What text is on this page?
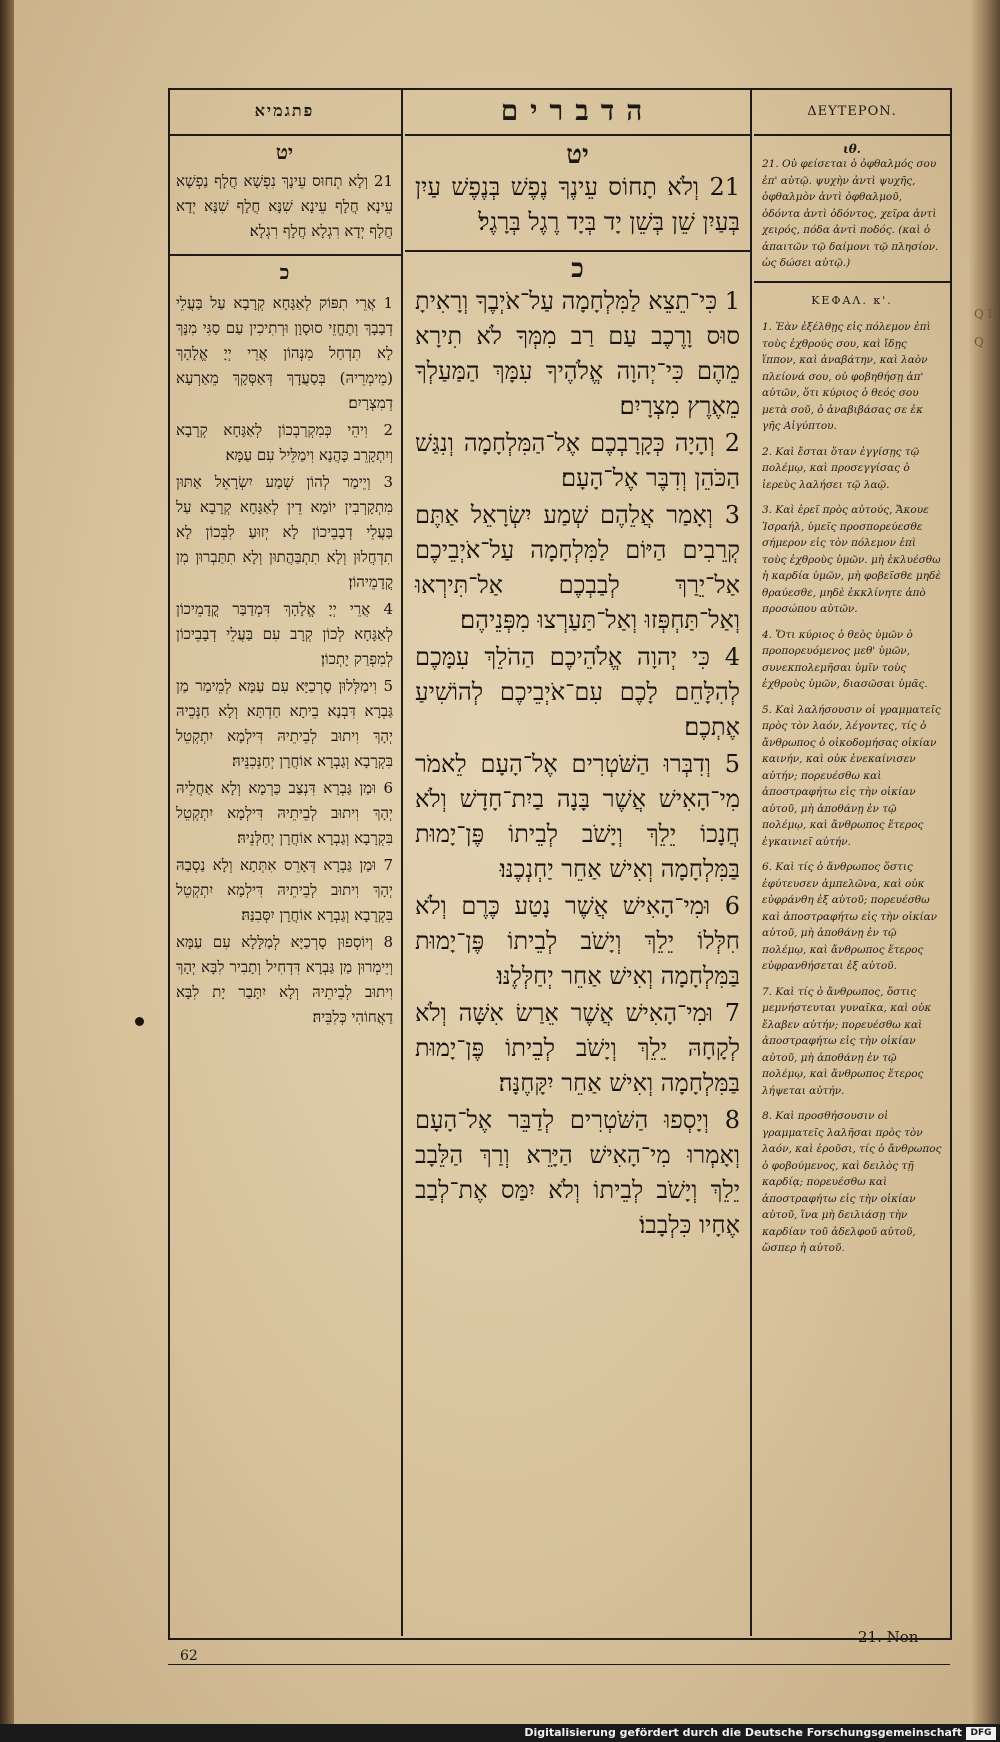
Q D Q
פתגמיא
יט

21 וְלָא תְחוּס עֵינָךְ נִפְשָׁא חֲלָף נַפְשָׁא עֵינָא חֲלָף עֵינָא שִׁנָּא חֲלָף שִׁנָּא יְדָא חֲלָף יְדָא רִגְלָא חֲלָף רִגְלָא׃

כ

1 אֲרֵי תִפּוֹק לְאַגָּחָא קְרָבָא עַל בַּעֲלֵי דְבָבָךְ וְתֶחֱזֵי סוּסָוָן וּרְתִיכִין עַם סַגִּי מִנָּךְ לָא תִדְחַל מִנְּהוֹן אֲרֵי יְיָ אֱלָהָךְ (מֵימְרֵיהּ) בְּסַעֲדָךְ דְּאַסְּקָךְ מֵאַרְעָא דְמִצְרָיִם׃

2 וִיהֵי כְּמִקְרַבְכוֹן לְאַגָּחָא קְרָבָא וְיִתְקָרֵב כָּהֲנָא וִימַלֵּיל עִם עַמָּא׃

3 וְיֵימַר לְהוֹן שְׁמַע יִשְׂרָאֵל אַתּוּן מִתְקָרְבִין יוֹמָא דֵין לְאַגָּחָא קְרָבָא עַל בַּעֲלֵי דְבָבֵיכוֹן לָא יְזוּעַ לִבְּכוֹן לָא תִדְחֲלוּן וְלָא תִתְבַּהֲתוּן וְלָא תִתַּבְרוּן מִן קֳדָמֵיהוֹן׃

4 אֲרֵי יְיָ אֱלָהָךְ דִּמְדַבַּר קֳדָמֵיכוֹן לְאַגָּחָא לְכוֹן קְרָב עִם בַּעֲלֵי דְבָבֵיכוֹן לְמִפְרַק יָתְכוֹן׃

5 וִימַלְּלוּן סָרְכַיָּא עִם עַמָּא לְמֵימַר מַן גַּבְרָא דִּבְנָא בֵיתָא חַדְתָּא וְלָא חַנְּכֵיהּ יְהָךְ וִיתוּב לְבֵיתֵיהּ דִּילְמָא יִתְקְטֵל בִּקְרָבָא וְגַבְרָא אוֹחֲרָן יְחַנְּכִנֵּיהּ׃

6 וּמַן גַּבְרָא דִּנְצַב כַּרְמָא וְלָא אַחֲלֵיהּ יְהָךְ וִיתוּב לְבֵיתֵיהּ דִּילְמָא יִתְקְטֵל בִּקְרָבָא וְגַבְרָא אוֹחֲרָן יְחַלְּנֵיהּ׃

7 וּמַן גַּבְרָא דְּאָרֵס אִתְּתָא וְלָא נַסְבַהּ יְהָךְ וִיתוּב לְבֵיתֵיהּ דִּילְמָא יִתְקְטֵל בִּקְרָבָא וְגַבְרָא אוֹחֲרָן יִסְּבִנַּהּ׃

8 וְיוֹסְפוּן סָרְכַיָּא לְמַלָּלָא עִם עַמָּא וְיֵימְרוּן מַן גַּבְרָא דִּדְחִיל וְתָבִיר לִבָּא יְהָךְ וִיתוּב לְבֵיתֵיהּ וְלָא יִתָּבַר יָת לִבָּא דַאֲחוֹהִי כְּלִבֵּיהּ׃

הדברים
יט

21 וְלֹא תָחוֹס עֵינֶךָ נֶפֶשׁ בְּנֶפֶשׁ עַיִן בְּעַיִן שֵׁן בְּשֵׁן יָד בְּיָד רֶגֶל בְּרָגֶל׃

כ

1 כִּי־תֵצֵא לַמִּלְחָמָה עַל־אֹיְבֶךָ וְרָאִיתָ סוּס וָרֶכֶב עַם רַב מִמְּךָ לֹא תִירָא מֵהֶם כִּי־יְהוָה אֱלֹהֶיךָ עִמָּךְ הַמַּעַלְךָ מֵאֶרֶץ מִצְרָיִם׃

2 וְהָיָה כְּקָרָבְכֶם אֶל־הַמִּלְחָמָה וְנִגַּשׁ הַכֹּהֵן וְדִבֶּר אֶל־הָעָם׃

3 וְאָמַר אֲלֵהֶם שְׁמַע יִשְׂרָאֵל אַתֶּם קְרֵבִים הַיּוֹם לַמִּלְחָמָה עַל־אֹיְבֵיכֶם אַל־יֵרַךְ לְבַבְכֶם אַל־תִּירְאוּ וְאַל־תַּחְפְּזוּ וְאַל־תַּעַרְצוּ מִפְּנֵיהֶם׃

4 כִּי יְהוָה אֱלֹהֵיכֶם הַהֹלֵךְ עִמָּכֶם לְהִלָּחֵם לָכֶם עִם־אֹיְבֵיכֶם לְהוֹשִׁיעַ אֶתְכֶם׃

5 וְדִבְּרוּ הַשֹּׁטְרִים אֶל־הָעָם לֵאמֹר מִי־הָאִישׁ אֲשֶׁר בָּנָה בַיִת־חָדָשׁ וְלֹא חֲנָכוֹ יֵלֵךְ וְיָשֹׁב לְבֵיתוֹ פֶּן־יָמוּת בַּמִּלְחָמָה וְאִישׁ אַחֵר יַחְנְכֶנּוּ׃

6 וּמִי־הָאִישׁ אֲשֶׁר נָטַע כֶּרֶם וְלֹא חִלְּלוֹ יֵלֵךְ וְיָשֹׁב לְבֵיתוֹ פֶּן־יָמוּת בַּמִּלְחָמָה וְאִישׁ אַחֵר יְחַלְּלֶנּוּ׃

7 וּמִי־הָאִישׁ אֲשֶׁר אֵרַשׂ אִשָּׁה וְלֹא לְקָחָהּ יֵלֵךְ וְיָשֹׁב לְבֵיתוֹ פֶּן־יָמוּת בַּמִּלְחָמָה וְאִישׁ אַחֵר יִקָּחֶנָּה׃

8 וְיָסְפוּ הַשֹּׁטְרִים לְדַבֵּר אֶל־הָעָם וְאָמְרוּ מִי־הָאִישׁ הַיָּרֵא וְרַךְ הַלֵּבָב יֵלֵךְ וְיָשֹׁב לְבֵיתוֹ וְלֹא יִמַּס אֶת־לְבַב אֶחָיו כִּלְבָבוֹ׃

ΔΕΥΤΕΡΟΝ.
ιθ.

21. Οὐ φείσεται ὁ ὀφθαλμός σου ἐπ' αὐτῷ. ψυχὴν ἀντὶ ψυχῆς, ὀφθαλμὸν ἀντὶ ὀφθαλμοῦ, ὀδόντα ἀντὶ ὀδόντος, χεῖρα ἀντὶ χειρός, πόδα ἀντὶ ποδός. (καὶ ὁ ἀπαιτῶν τῷ δαίμονι τῷ πλησίον. ὡς δώσει αὐτῷ.)

ΚΕΦΑΛ. κ'.

1. Ἐὰν ἐξέλθῃς εἰς πόλεμον ἐπὶ τοὺς ἐχθρούς σου, καὶ ἴδῃς ἵππον, καὶ ἀναβάτην, καὶ λαὸν πλείονά σου, οὐ φοβηθήσῃ ἀπ' αὐτῶν, ὅτι κύριος ὁ θεός σου μετὰ σοῦ, ὁ ἀναβιβάσας σε ἐκ γῆς Αἰγύπτου.

2. Καὶ ἔσται ὅταν ἐγγίσῃς τῷ πολέμῳ, καὶ προσεγγίσας ὁ ἱερεὺς λαλήσει τῷ λαῷ.

3. Καὶ ἐρεῖ πρὸς αὐτούς, Ἄκουε Ἰσραήλ, ὑμεῖς προσπορεύεσθε σήμερον εἰς τὸν πόλεμον ἐπὶ τοὺς ἐχθροὺς ὑμῶν. μὴ ἐκλυέσθω ἡ καρδία ὑμῶν, μὴ φοβεῖσθε μηδὲ θραύεσθε, μηδὲ ἐκκλίνητε ἀπὸ προσώπου αὐτῶν.

4. Ὅτι κύριος ὁ θεὸς ὑμῶν ὁ προπορευόμενος μεθ' ὑμῶν, συνεκπολεμῆσαι ὑμῖν τοὺς ἐχθροὺς ὑμῶν, διασῶσαι ὑμᾶς.

5. Καὶ λαλήσουσιν οἱ γραμματεῖς πρὸς τὸν λαόν, λέγοντες, τίς ὁ ἄνθρωπος ὁ οἰκοδομήσας οἰκίαν καινήν, καὶ οὐκ ἐνεκαίνισεν αὐτήν; πορευέσθω καὶ ἀποστραφήτω εἰς τὴν οἰκίαν αὐτοῦ, μὴ ἀποθάνῃ ἐν τῷ πολέμῳ, καὶ ἄνθρωπος ἕτερος ἐγκαινιεῖ αὐτήν.

6. Καὶ τίς ὁ ἄνθρωπος ὅστις ἐφύτευσεν ἀμπελῶνα, καὶ οὐκ εὐφράνθη ἐξ αὐτοῦ; πορευέσθω καὶ ἀποστραφήτω εἰς τὴν οἰκίαν αὐτοῦ, μὴ ἀποθάνῃ ἐν τῷ πολέμῳ, καὶ ἄνθρωπος ἕτερος εὐφρανθήσεται ἐξ αὐτοῦ.

7. Καὶ τίς ὁ ἄνθρωπος, ὅστις μεμνήστευται γυναῖκα, καὶ οὐκ ἔλαβεν αὐτήν; πορευέσθω καὶ ἀποστραφήτω εἰς τὴν οἰκίαν αὐτοῦ, μὴ ἀποθάνῃ ἐν τῷ πολέμῳ, καὶ ἄνθρωπος ἕτερος λήψεται αὐτήν.

8. Καὶ προσθήσουσιν οἱ γραμματεῖς λαλῆσαι πρὸς τὸν λαόν, καὶ ἐροῦσι, τίς ὁ ἄνθρωπος ὁ φοβούμενος, καὶ δειλὸς τῇ καρδίᾳ; πορευέσθω καὶ ἀποστραφήτω εἰς τὴν οἰκίαν αὐτοῦ, ἵνα μὴ δειλιάσῃ τὴν καρδίαν τοῦ ἀδελφοῦ αὐτοῦ, ὥσπερ ἡ αὐτοῦ.

62
21. Non
Digitalisierung gefördert durch die Deutsche Forschungsgemeinschaft DFG
